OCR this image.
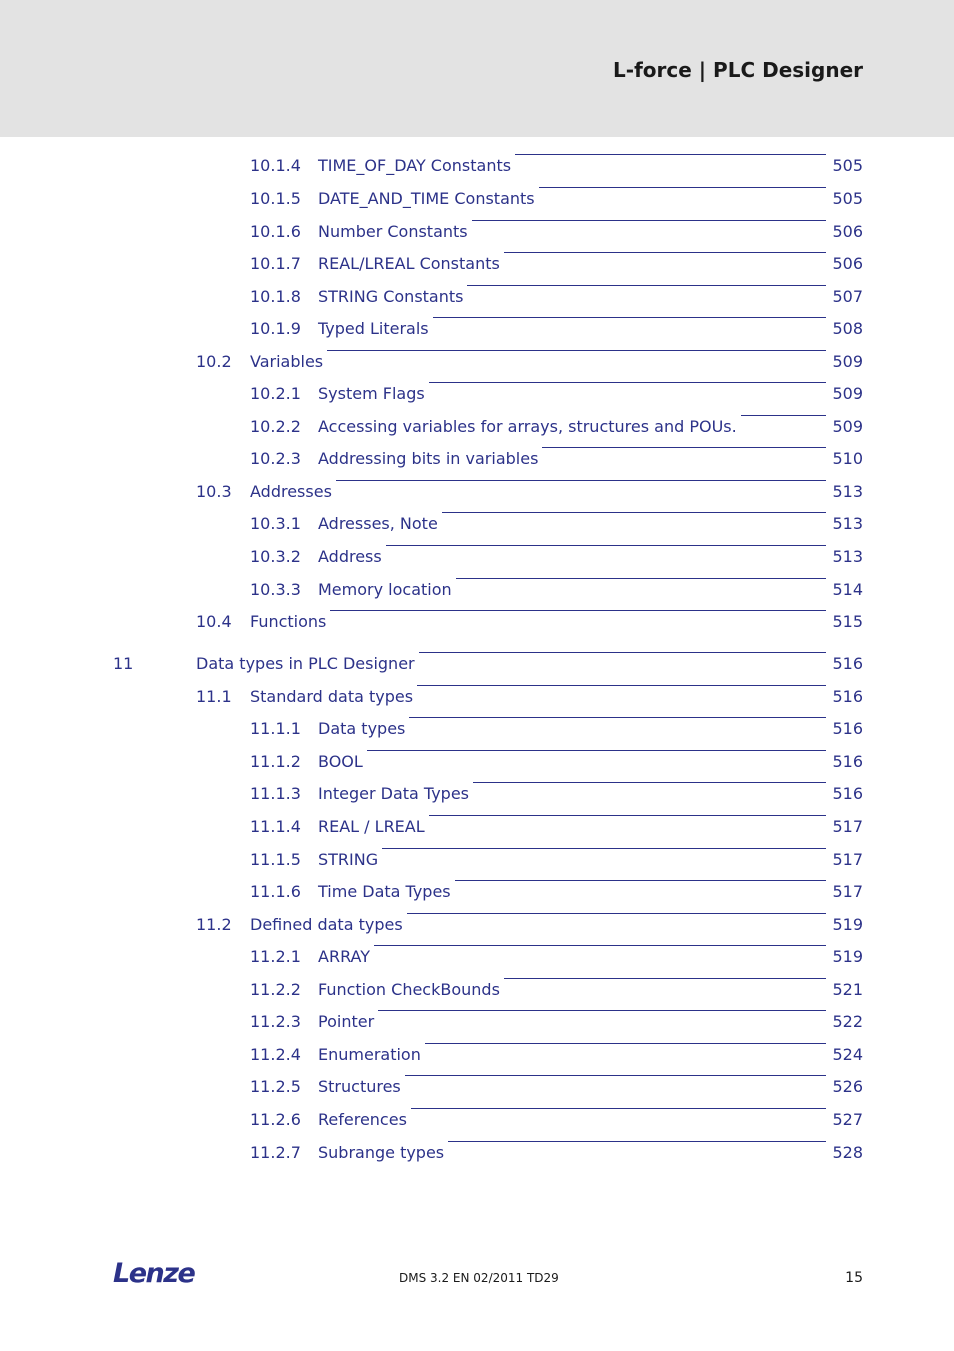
L-force | PLC Designer
10.1.4 TIME_OF_DAY Constants	505
10.1.5 DATE_AND_TIME Constants	505
10.1.6 Number Constants	506
10.1.7 REAL/LREAL Constants	506
10.1.8 STRING Constants	507
10.1.9 Typed Literals	508
10.2 Variables	509
10.2.1 System Flags	509
10.2.2 Accessing variables for arrays, structures and POUs.	509
10.2.3 Addressing bits in variables	510
10.3 Addresses	513
10.3.1 Adresses, Note	513
10.3.2 Address	513
10.3.3 Memory location	514
10.4 Functions	515
11	Data types in PLC Designer	516
11.1 Standard data types	516
11.1.1 Data types	516
11.1.2 BOOL	516
11.1.3 Integer Data Types	516
11.1.4 REAL / LREAL	517
11.1.5 STRING	517
11.1.6 Time Data Types	517
11.2 Defined data types	519
11.2.1 ARRAY	519
11.2.2 Function CheckBounds	521
11.2.3 Pointer	522
11.2.4 Enumeration	524
11.2.5 Structures	526
11.2.6 References	527
11.2.7 Subrange types	528
Lenze	DMS 3.2 EN 02/2011 TD29	15
